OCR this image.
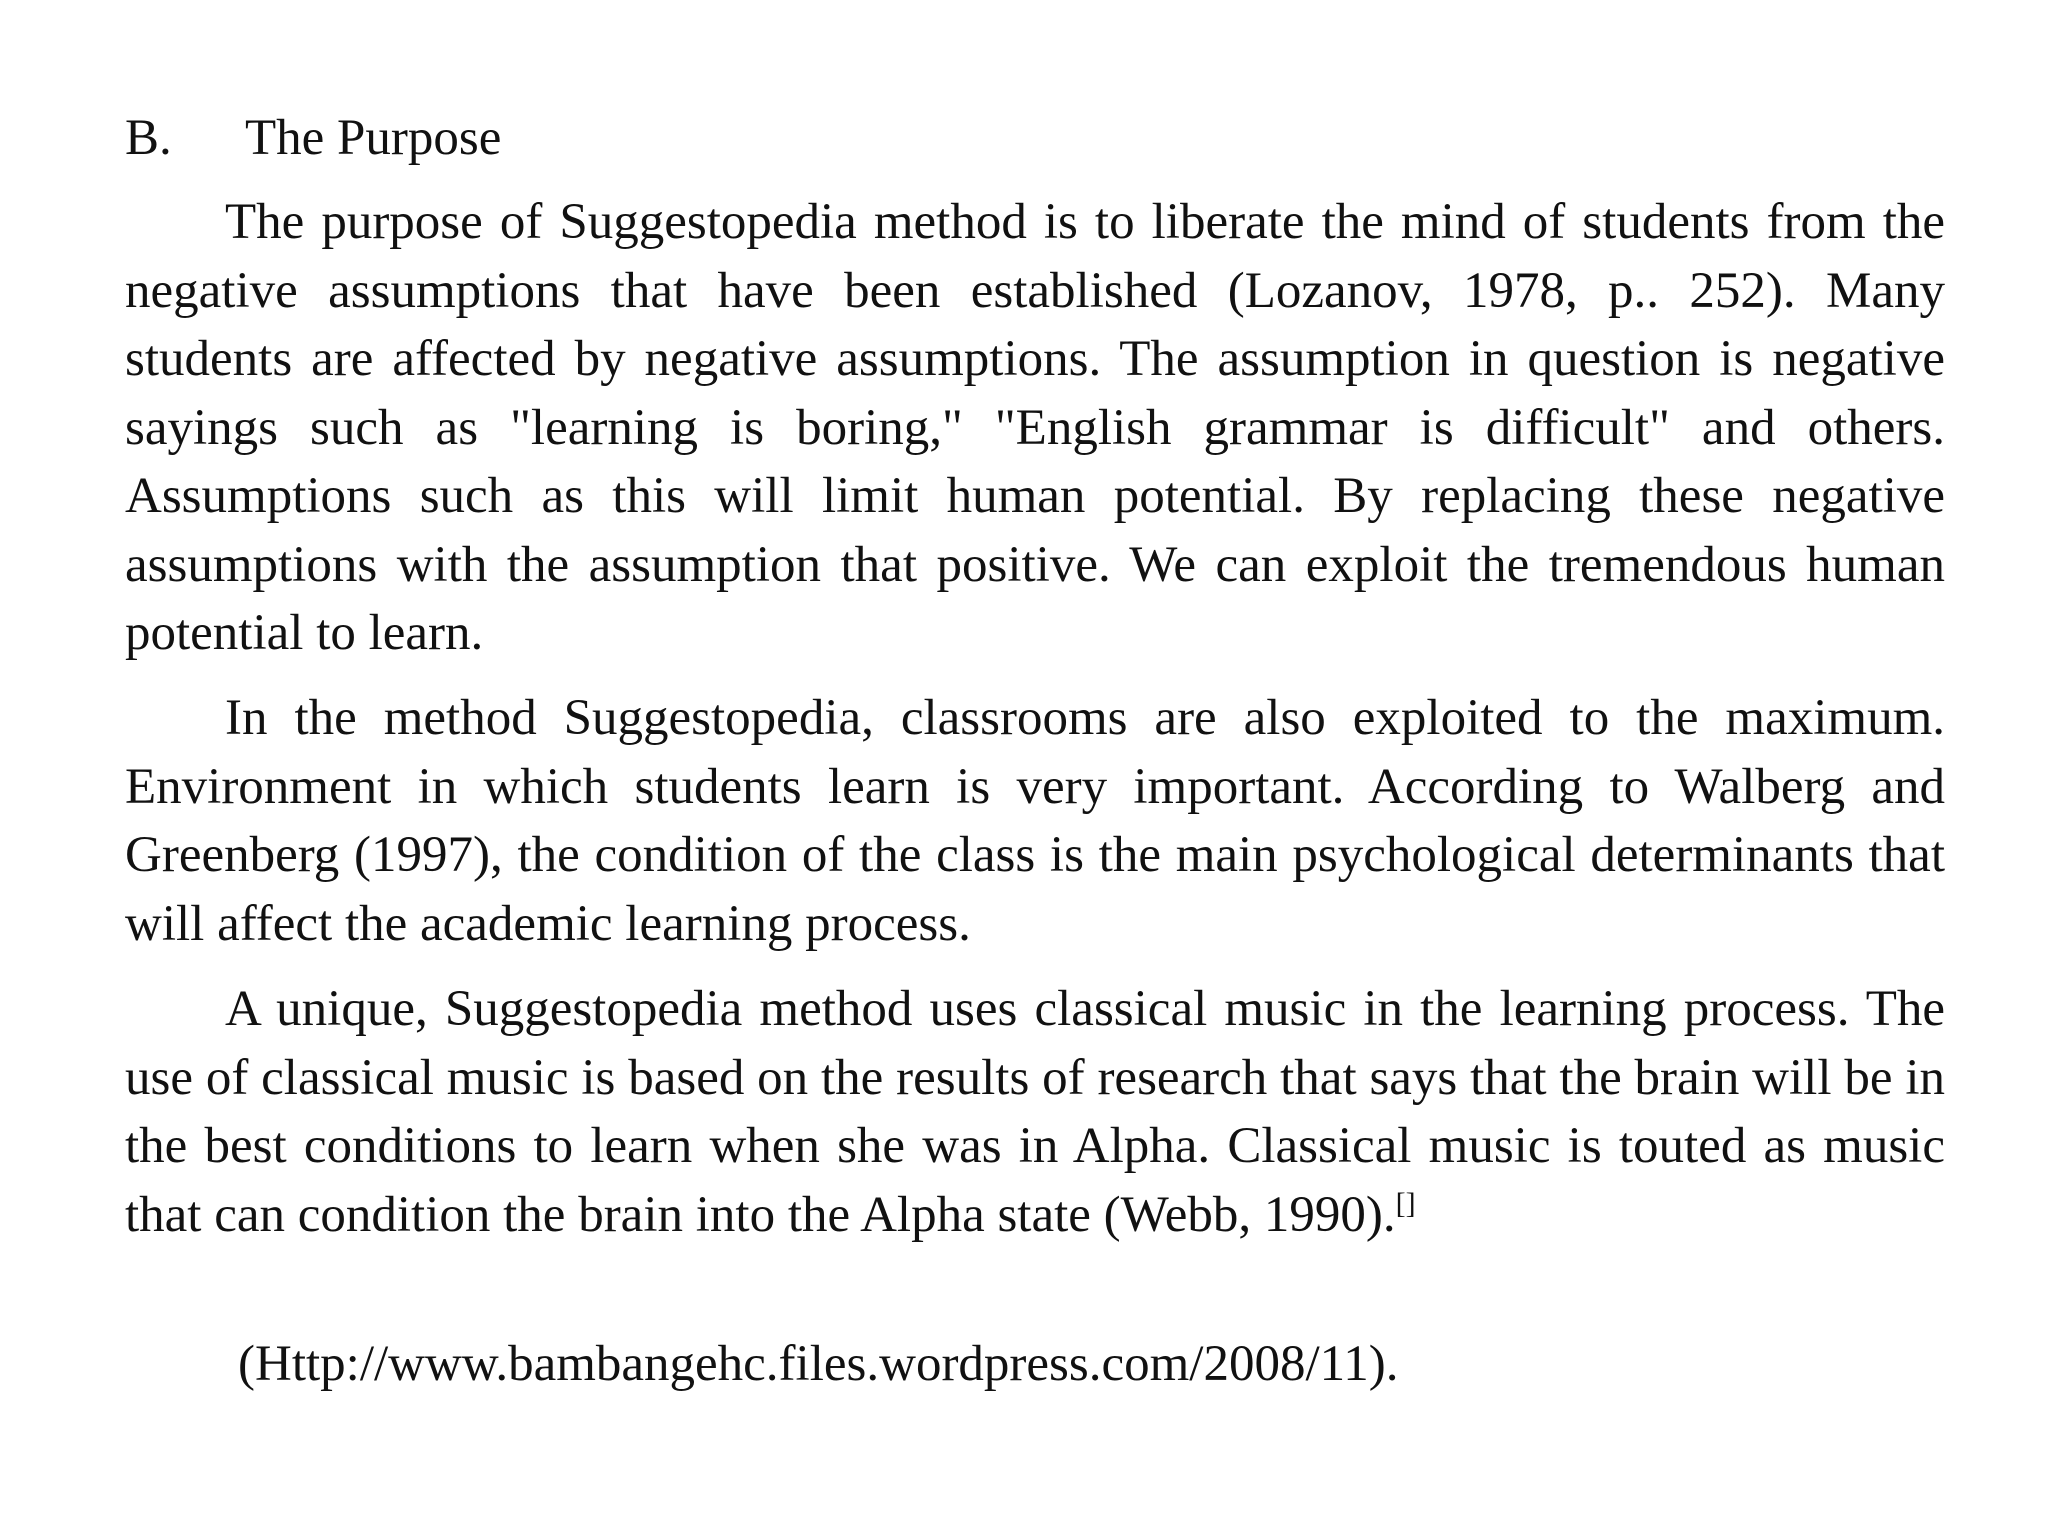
B. The Purpose

The purpose of Suggestopedia method is to liberate the mind of students from the negative assumptions that have been established (Lozanov, 1978, p.. 252). Many students are affected by negative assumptions. The assumption in question is negative sayings such as "learning is boring," "English grammar is difficult" and others. Assumptions such as this will limit human potential. By replacing these negative assumptions with the assumption that positive. We can exploit the tremendous human potential to learn.

In the method Suggestopedia, classrooms are also exploited to the maximum. Environment in which students learn is very important. According to Walberg and Greenberg (1997), the condition of the class is the main psychological determinants that will affect the academic learning process.

A unique, Suggestopedia method uses classical music in the learning process. The use of classical music is based on the results of research that says that the brain will be in the best conditions to learn when she was in Alpha. Classical music is touted as music that can condition the brain into the Alpha state (Webb, 1990).[]

(Http://www.bambangehc.files.wordpress.com/2008/11).
